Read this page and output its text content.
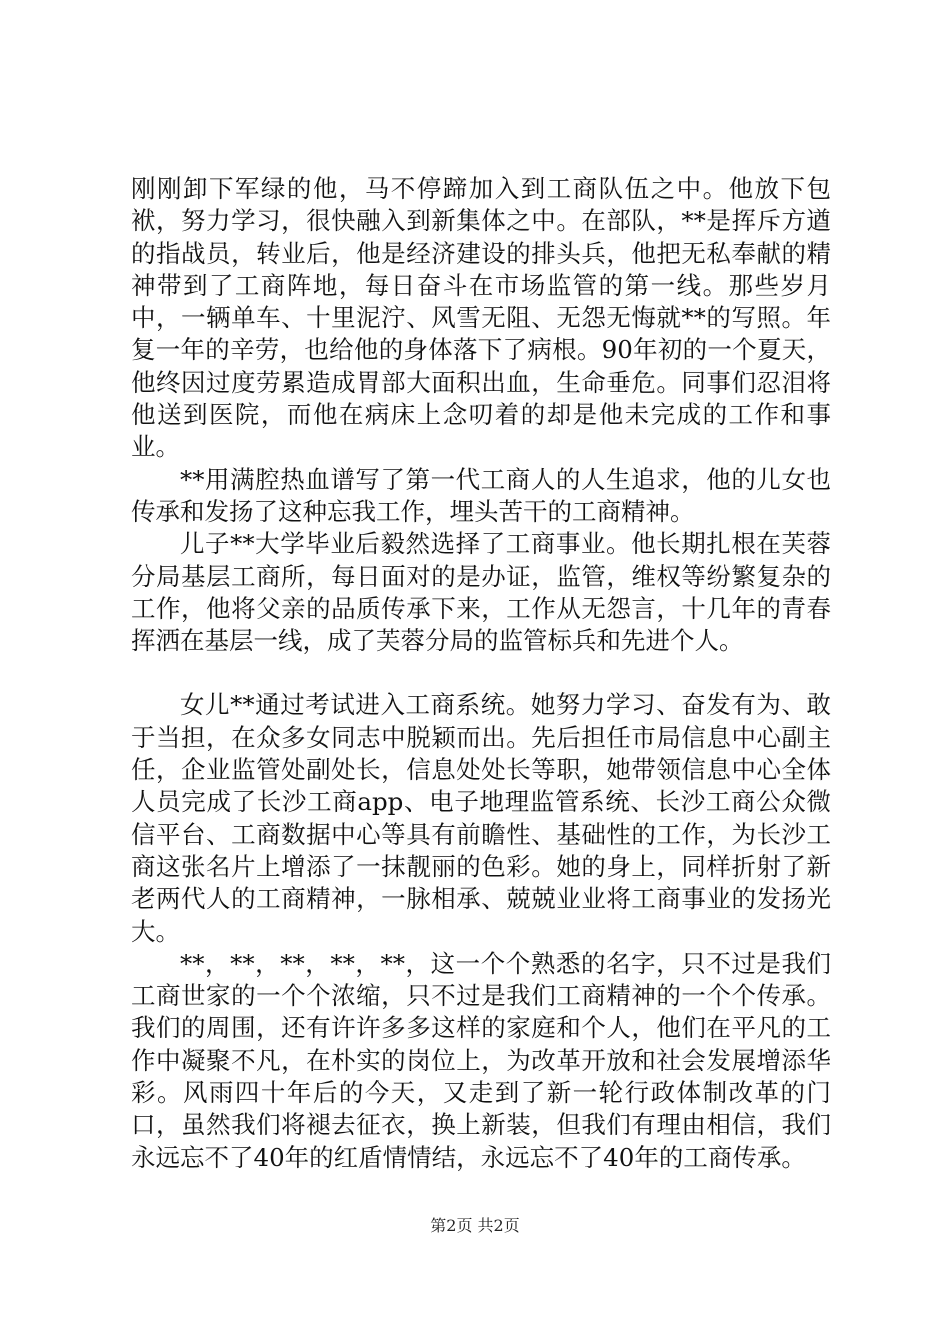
刚刚卸下军绿的他，马不停蹄加入到工商队伍之中。他放下包袱，努力学习，很快融入到新集体之中。在部队，**是挥斥方遒的指战员，转业后，他是经济建设的排头兵，他把无私奉献的精神带到了工商阵地，每日奋斗在市场监管的第一线。那些岁月中，一辆单车、十里泥泞、风雪无阻、无怨无悔就**的写照。年复一年的辛劳，也给他的身体落下了病根。90年初的一个夏天，他终因过度劳累造成胃部大面积出血，生命垂危。同事们忍泪将他送到医院，而他在病床上念叨着的却是他未完成的工作和事业。

**用满腔热血谱写了第一代工商人的人生追求，他的儿女也传承和发扬了这种忘我工作，埋头苦干的工商精神。

儿子**大学毕业后毅然选择了工商事业。他长期扎根在芙蓉分局基层工商所，每日面对的是办证，监管，维权等纷繁复杂的工作，他将父亲的品质传承下来，工作从无怨言，十几年的青春挥洒在基层一线，成了芙蓉分局的监管标兵和先进个人。

女儿**通过考试进入工商系统。她努力学习、奋发有为、敢于当担，在众多女同志中脱颖而出。先后担任市局信息中心副主任，企业监管处副处长，信息处处长等职，她带领信息中心全体人员完成了长沙工商app、电子地理监管系统、长沙工商公众微信平台、工商数据中心等具有前瞻性、基础性的工作，为长沙工商这张名片上增添了一抹靓丽的色彩。她的身上，同样折射了新老两代人的工商精神，一脉相承、兢兢业业将工商事业的发扬光大。

**，**，**，**，**，这一个个熟悉的名字，只不过是我们工商世家的一个个浓缩，只不过是我们工商精神的一个个传承。我们的周围，还有许许多多这样的家庭和个人，他们在平凡的工作中凝聚不凡，在朴实的岗位上，为改革开放和社会发展增添华彩。风雨四十年后的今天，又走到了新一轮行政体制改革的门口，虽然我们将褪去征衣，换上新装，但我们有理由相信，我们永远忘不了40年的红盾情情结，永远忘不了40年的工商传承。

第2页 共2页
